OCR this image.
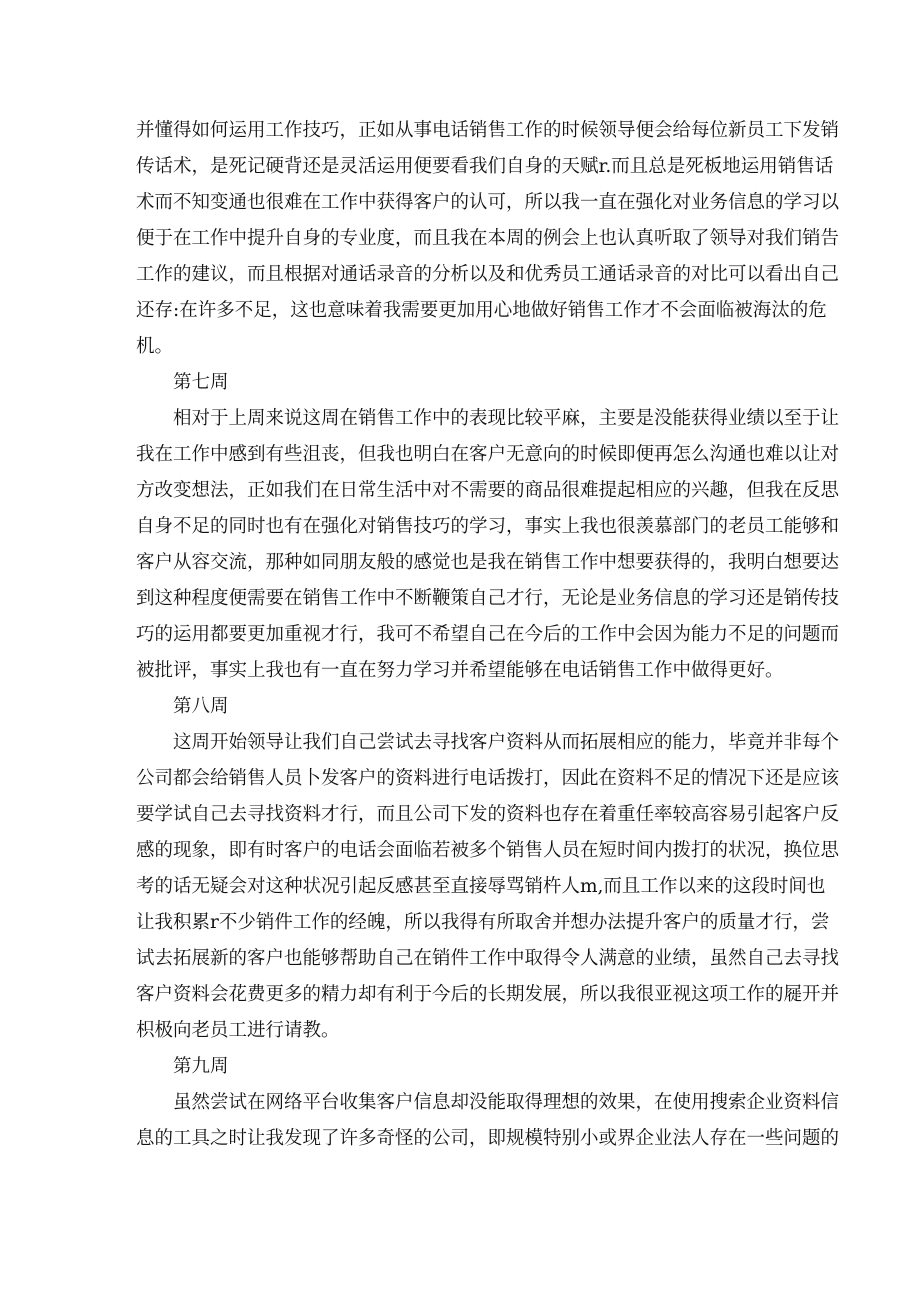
并懂得如何运用工作技巧，正如从事电话销售工作的时候领导便会给每位新员工下发销
传话术，是死记硬背还是灵活运用便要看我们自身的天赋r.而且总是死板地运用销售话
术而不知变通也很难在工作中获得客户的认可，所以我一直在强化对业务信息的学习以
便于在工作中提升自身的专业度，而且我在本周的例会上也认真听取了领导对我们销告
工作的建议，而且根据对通话录音的分析以及和优秀员工通话录音的对比可以看出自己
还存:在许多不足，这也意味着我需要更加用心地做好销售工作才不会面临被海汰的危
机。
第七周
相对于上周来说这周在销售工作中的表现比较平麻，主要是没能获得业绩以至于让
我在工作中感到有些沮丧，但我也明白在客户无意向的时候即便再怎么沟通也难以让对
方改变想法，正如我们在日常生活中对不需要的商品很难提起相应的兴趣，但我在反思
自身不足的同时也有在强化对销售技巧的学习，事实上我也很羡慕部门的老员工能够和
客户从容交流，那种如同朋友般的感觉也是我在销售工作中想要获得的，我明白想要达
到这种程度便需要在销售工作中不断鞭策自己才行，无论是业务信息的学习还是销传技
巧的运用都要更加重视才行，我可不希望自己在今后的工作中会因为能力不足的问题而
被批评，事实上我也有一直在努力学习并希望能够在电话销售工作中做得更好。
第八周
这周开始领导让我们自己尝试去寻找客户资料从而拓展相应的能力，毕竟并非每个
公司都会给销售人员卜发客户的资料进行电话拨打，因此在资料不足的情况下还是应该
要学试自己去寻找资料才行，而且公司下发的资料也存在着重任率较高容易引起客户反
感的现象，即有时客户的电话会面临若被多个销售人员在短时间内拨打的状况，换位思
考的话无疑会对这种状况引起反感甚至直接辱骂销杵人m,而且工作以来的这段时间也
让我积累r不少销件工作的经魄，所以我得有所取舍并想办法提升客户的质量才行，尝
试去拓展新的客户也能够帮助自己在销件工作中取得令人满意的业绩，虽然自己去寻找
客户资料会花费更多的精力却有利于今后的长期发展，所以我很亚视这项工作的屣开并
枳极向老员工进行请教。
第九周
虽然尝试在网络平台收集客户信息却没能取得理想的效果，在使用搜索企业资料信
息的工具之时让我发现了许多奇怪的公司，即规模特别小或界企业法人存在一些问题的
